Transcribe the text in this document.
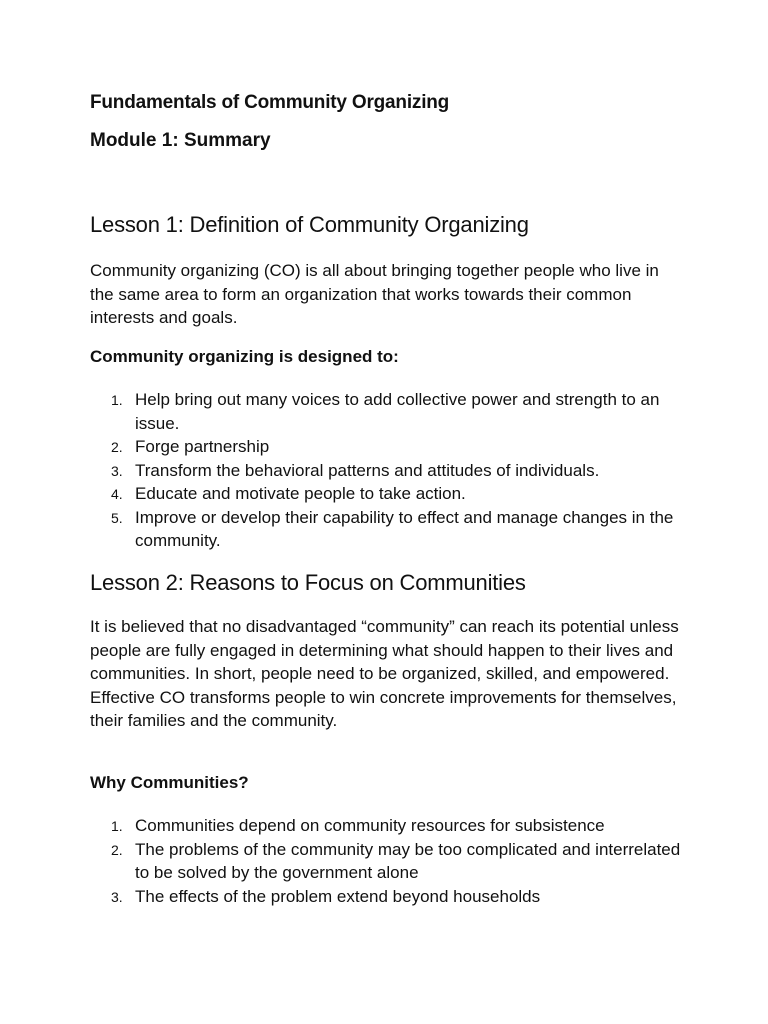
Fundamentals of Community Organizing
Module 1: Summary
Lesson 1: Definition of Community Organizing
Community organizing (CO) is all about bringing together people who live in the same area to form an organization that works towards their common interests and goals.
Community organizing is designed to:
1. Help bring out many voices to add collective power and strength to an issue.
2. Forge partnership
3. Transform the behavioral patterns and attitudes of individuals.
4. Educate and motivate people to take action.
5. Improve or develop their capability to effect and manage changes in the community.
Lesson 2: Reasons to Focus on Communities
It is believed that no disadvantaged “community” can reach its potential unless people are fully engaged in determining what should happen to their lives and communities. In short, people need to be organized, skilled, and empowered. Effective CO transforms people to win concrete improvements for themselves, their families and the community.
Why Communities?
1. Communities depend on community resources for subsistence
2. The problems of the community may be too complicated and interrelated to be solved by the government alone
3. The effects of the problem extend beyond households
